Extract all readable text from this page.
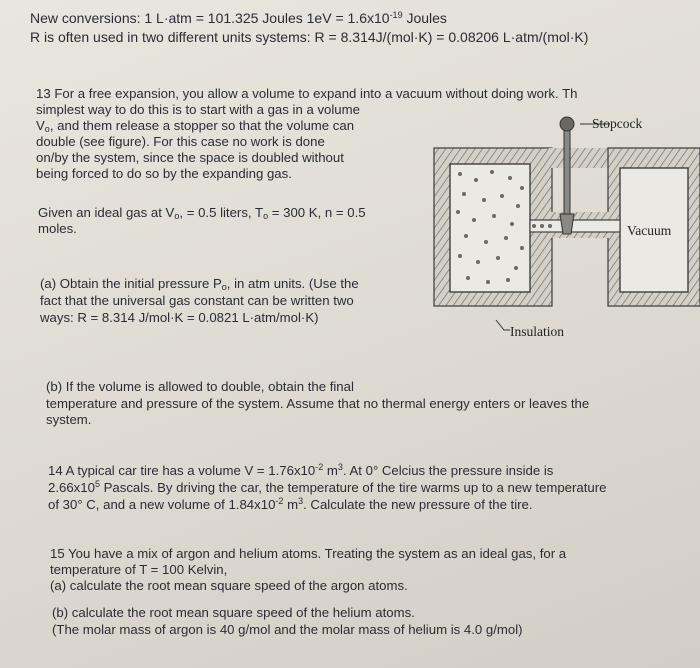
New conversions: 1 L·atm = 101.325 Joules $1eV = 1.6x10^{-19}$ Joules
R is often used in two different units systems: R = 8.314J/(mol·K) = 0.08206 L·atm/(mol·K)
13 For a free expansion, you allow a volume to expand into a vacuum without doing work. Th
simplest way to do this is to start with a gas in a volume
$V_o$, and them release a stopper so that the volume can
double (see figure). For this case no work is done
on/by the system, since the space is doubled without
being forced to do so by the expanding gas.
Given an ideal gas at $V_o$, = 0.5 liters, $T_o = 300$ K, n = 0.5
moles.
(a) Obtain the initial pressure $P_o$, in atm units. (Use the
fact that the universal gas constant can be written two
ways: R = 8.314 J/mol·K = 0.0821 L·atm/mol·K)
(b) If the volume is allowed to double, obtain the final
temperature and pressure of the system. Assume that no thermal energy enters or leaves the
system.
Stopcock
Vacuum
Insulation
14 A typical car tire has a volume $V = 1.76x10^{-2}$ $m^3$. At 0° Celcius the pressure inside is
$2.66x10^5$ Pascals. By driving the car, the temperature of the tire warms up to a new temperature
of 30° C, and a new volume of $1.84x10^{-2}$ $m^3$. Calculate the new pressure of the tire.
15 You have a mix of argon and helium atoms. Treating the system as an ideal gas, for a
temperature of T = 100 Kelvin,
(a) calculate the root mean square speed of the argon atoms.
(b) calculate the root mean square speed of the helium atoms.
(The molar mass of argon is 40 g/mol and the molar mass of helium is 4.0 g/mol)
